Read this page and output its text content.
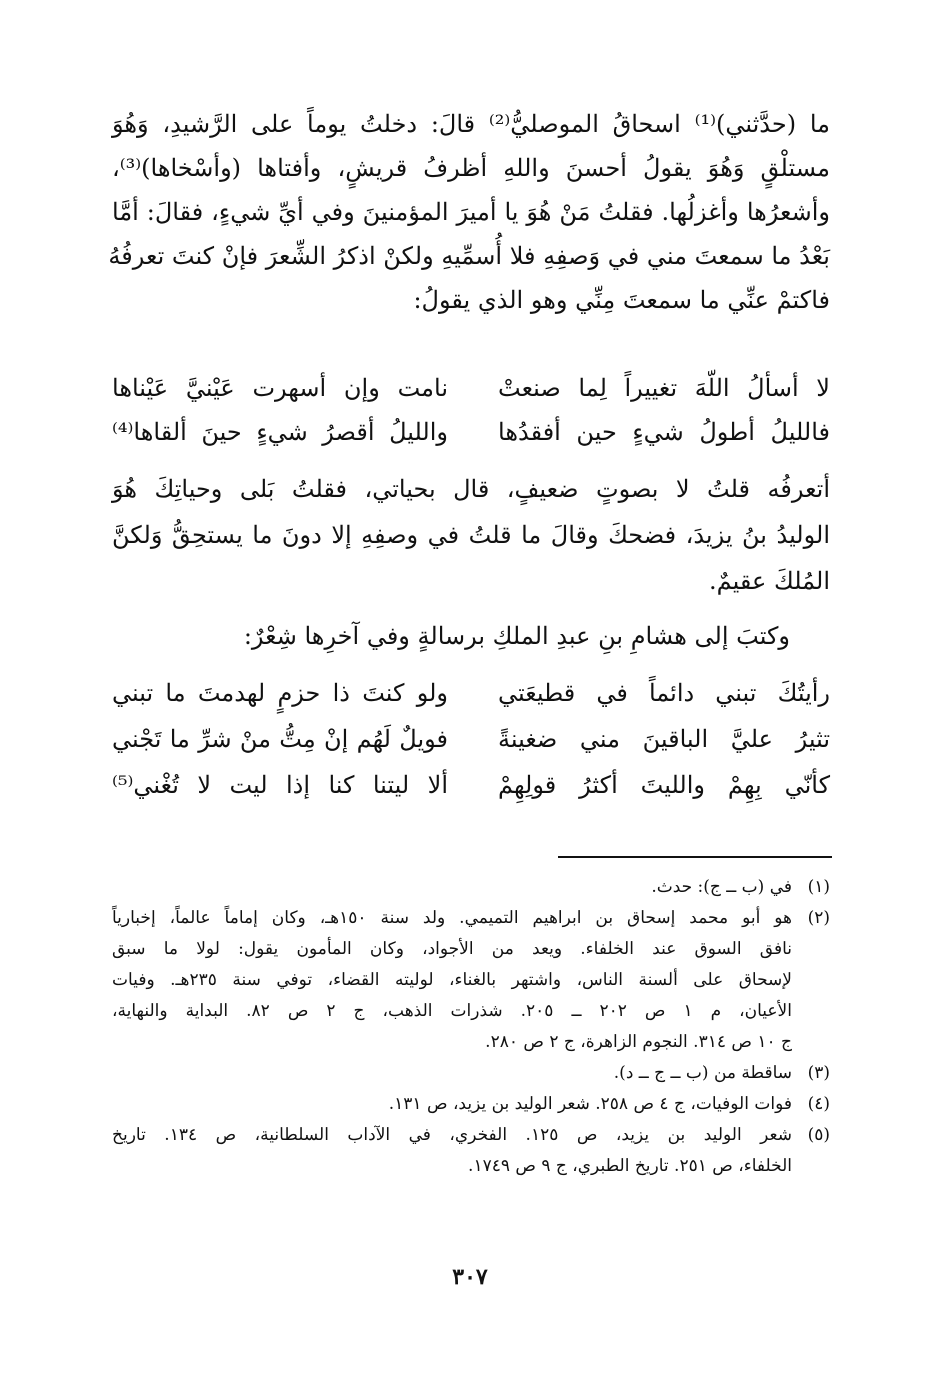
ما (حدَّثني)⁽¹⁾ اسحاقُ الموصليُّ⁽²⁾ قالَ: دخلتُ يوماً على الرَّشيدِ، وَهُوَ
مستلْقٍ وَهُوَ يقولُ أحسنَ واللهِ أظرفُ قريشٍ، وأفتاها (وأسْخاها)⁽³⁾،
وأشعرُها وأغزلُها. فقلتُ مَنْ هُوَ يا أميرَ المؤمنينَ وفي أيِّ شيءٍ، فقالَ: أمَّا
بَعْدُ ما سمعتَ مني في وَصفِهِ فلا أُسمِّيهِ ولكنْ اذكرُ الشِّعرَ فإنْ كنتَ تعرفُهُ
فاكتمْ عنِّي ما سمعتَ مِنِّي وهو الذي يقولُ:
لا أسألُ اللّهَ تغييراً لِما صنعتْ
نامت وإن أسهرت عَيْنيَّ عَيْناها
فالليلُ أطولُ شيءٍ حين أفقدُها
والليلُ أقصرُ شيءٍ حينَ ألقاها⁽⁴⁾
أتعرفُه قلتُ لا بصوتٍ ضعيفٍ، قال بحياتي، فقلتُ بَلى وحياتِكَ هُوَ
الوليدُ بنُ يزيدَ، فضحكَ وقالَ ما قلتُ في وصفِهِ إلا دونَ ما يستحِقُّ وَلكنَّ
المُلكَ عقيمٌ.
وكتبَ إلى هشامِ بنِ عبدِ الملكِ برسالةٍ وفي آخرِها شِعْرٌ:
رأيتُكَ تبني دائماً في قطيعَتي
ولو كنتَ ذا حزمٍ لهدمتَ ما تبني
تثيرُ عليَّ الباقينَ مني ضغينةً
فويلٌ لَهُم إنْ مِتُّ منْ شرِّ ما تَجْني
كأنّي بِهِمْ والليتَ أكثرُ قولِهِمْ
ألا ليتنا كنا إذا ليت لا تُغْني⁽⁵⁾
(١)
في (ب ــ ج): حدث.
(٢)
هو أبو محمد إسحاق بن ابراهيم التميمي. ولد سنة ١٥٠هـ، وكان إماماً عالماً، إخبارياً
نافق السوق عند الخلفاء. ويعد من الأجواد، وكان المأمون يقول: لولا ما سبق
لإسحاق على ألسنة الناس، واشتهر بالغناء، لوليته القضاء، توفي سنة ٢٣٥هـ. وفيات
الأعيان، م ١ ص ٢٠٢ ــ ٢٠٥. شذرات الذهب، ج ٢ ص ٨٢. البداية والنهاية،
ج ١٠ ص ٣١٤. النجوم الزاهرة، ج ٢ ص ٢٨٠.
(٣)
ساقطة من (ب ــ ج ــ د).
(٤)
فوات الوفيات، ج ٤ ص ٢٥٨. شعر الوليد بن يزيد، ص ١٣١.
(٥)
شعر الوليد بن يزيد، ص ١٢٥. الفخري، في الآداب السلطانية، ص ١٣٤. تاريخ
الخلفاء، ص ٢٥١. تاريخ الطبري، ج ٩ ص ١٧٤٩.
٣٠٧
